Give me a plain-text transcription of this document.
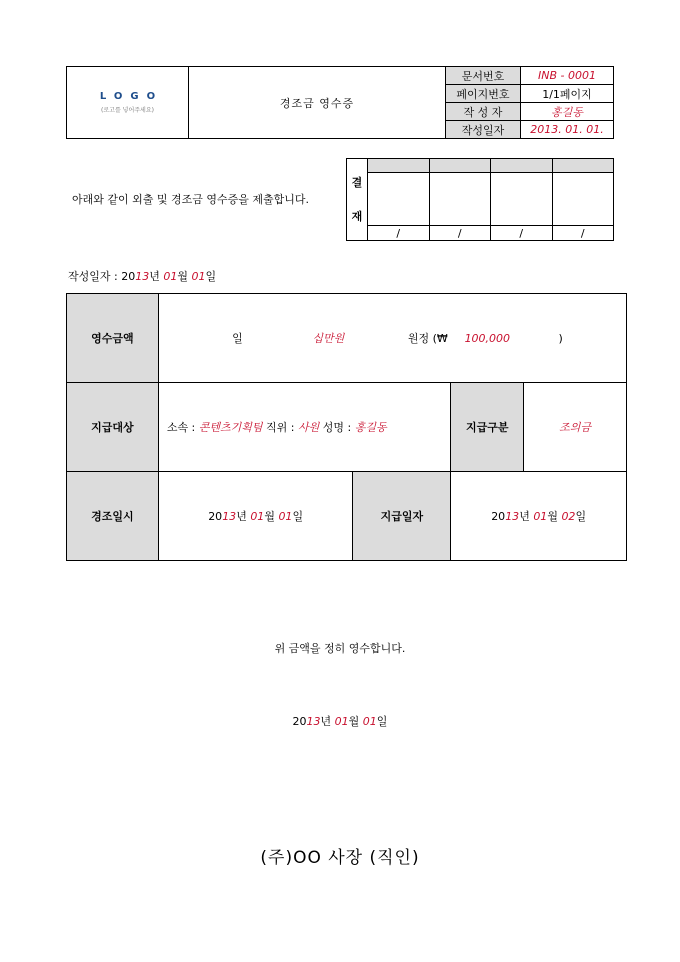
LOGO
(로고를 넣어주세요)	경조금 영수증	문서번호	INB - 0001
		페이지번호	1/1페이지
		작 성 자	홍길동
		작성일자	2013. 01. 01.
아래와 같이 외출 및 경조금 영수증을 제출합니다.
결
재				

	/	/	/	/
작성일자 : 2013년 01월 01일
영수금액	일 십만원 원정 (₩ 100,000 )			
지급대상	소속 : 콘텐츠기획팀 직위 : 사원 성명 : 홍길동		지급구분	조의금
경조일시	2013년 01월 01일	지급일자	2013년 01월 02일	
위 금액을 정히 영수합니다.
2013년 01월 01일
(주)OO 사장 (직인)
